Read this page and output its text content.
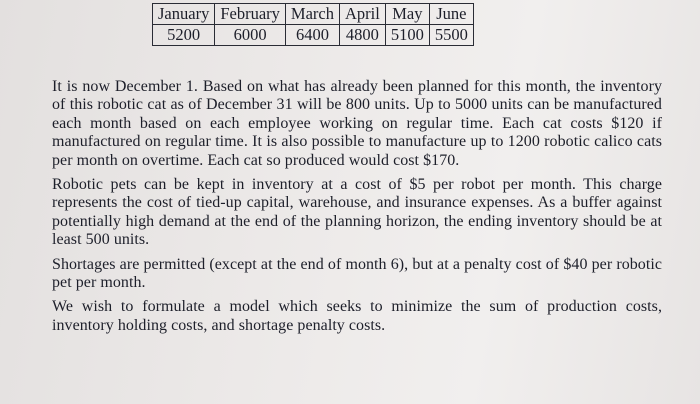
January	February	March	April	May	June
5200	6000	6400	4800	5100	5500

It is now December 1. Based on what has already been planned for this month, the inventory of this robotic cat as of December 31 will be 800 units. Up to 5000 units can be manufactured each month based on each employee working on regular time. Each cat costs $120 if manufactured on regular time. It is also possible to manufacture up to 1200 robotic calico cats per month on overtime. Each cat so produced would cost $170.

Robotic pets can be kept in inventory at a cost of $5 per robot per month. This charge represents the cost of tied-up capital, warehouse, and insurance expenses. As a buffer against potentially high demand at the end of the planning horizon, the ending inventory should be at least 500 units.

Shortages are permitted (except at the end of month 6), but at a penalty cost of $40 per robotic pet per month.

We wish to formulate a model which seeks to minimize the sum of production costs, inventory holding costs, and shortage penalty costs.
